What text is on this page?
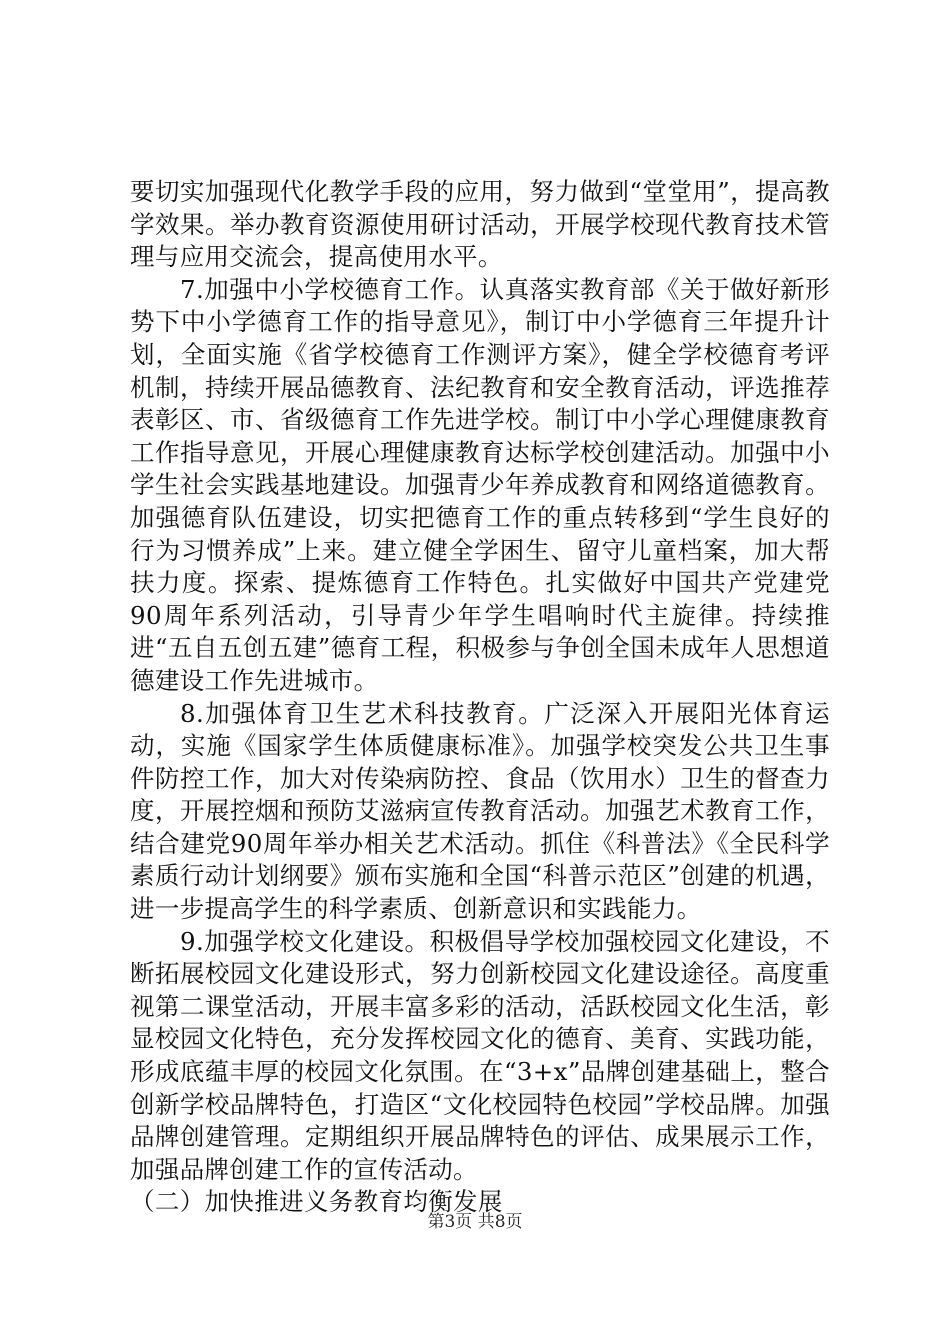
要切实加强现代化教学手段的应用，努力做到“堂堂用”，提高教学效果。举办教育资源使用研讨活动，开展学校现代教育技术管理与应用交流会，提高使用水平。

7.加强中小学校德育工作。认真落实教育部《关于做好新形势下中小学德育工作的指导意见》，制订中小学德育三年提升计划，全面实施《省学校德育工作测评方案》，健全学校德育考评机制，持续开展品德教育、法纪教育和安全教育活动，评选推荐表彰区、市、省级德育工作先进学校。制订中小学心理健康教育工作指导意见，开展心理健康教育达标学校创建活动。加强中小学生社会实践基地建设。加强青少年养成教育和网络道德教育。加强德育队伍建设，切实把德育工作的重点转移到“学生良好的行为习惯养成”上来。建立健全学困生、留守儿童档案，加大帮扶力度。探索、提炼德育工作特色。扎实做好中国共产党建党90周年系列活动，引导青少年学生唱响时代主旋律。持续推进“五自五创五建”德育工程，积极参与争创全国未成年人思想道德建设工作先进城市。

8.加强体育卫生艺术科技教育。广泛深入开展阳光体育运动，实施《国家学生体质健康标准》。加强学校突发公共卫生事件防控工作，加大对传染病防控、食品（饮用水）卫生的督查力度，开展控烟和预防艾滋病宣传教育活动。加强艺术教育工作，结合建党90周年举办相关艺术活动。抓住《科普法》《全民科学素质行动计划纲要》颁布实施和全国“科普示范区”创建的机遇，进一步提高学生的科学素质、创新意识和实践能力。

9.加强学校文化建设。积极倡导学校加强校园文化建设，不断拓展校园文化建设形式，努力创新校园文化建设途径。高度重视第二课堂活动，开展丰富多彩的活动，活跃校园文化生活，彰显校园文化特色，充分发挥校园文化的德育、美育、实践功能，形成底蕴丰厚的校园文化氛围。在“3+x”品牌创建基础上，整合创新学校品牌特色，打造区“文化校园特色校园”学校品牌。加强品牌创建管理。定期组织开展品牌特色的评估、成果展示工作，加强品牌创建工作的宣传活动。

（二）加快推进义务教育均衡发展

第3页 共8页
